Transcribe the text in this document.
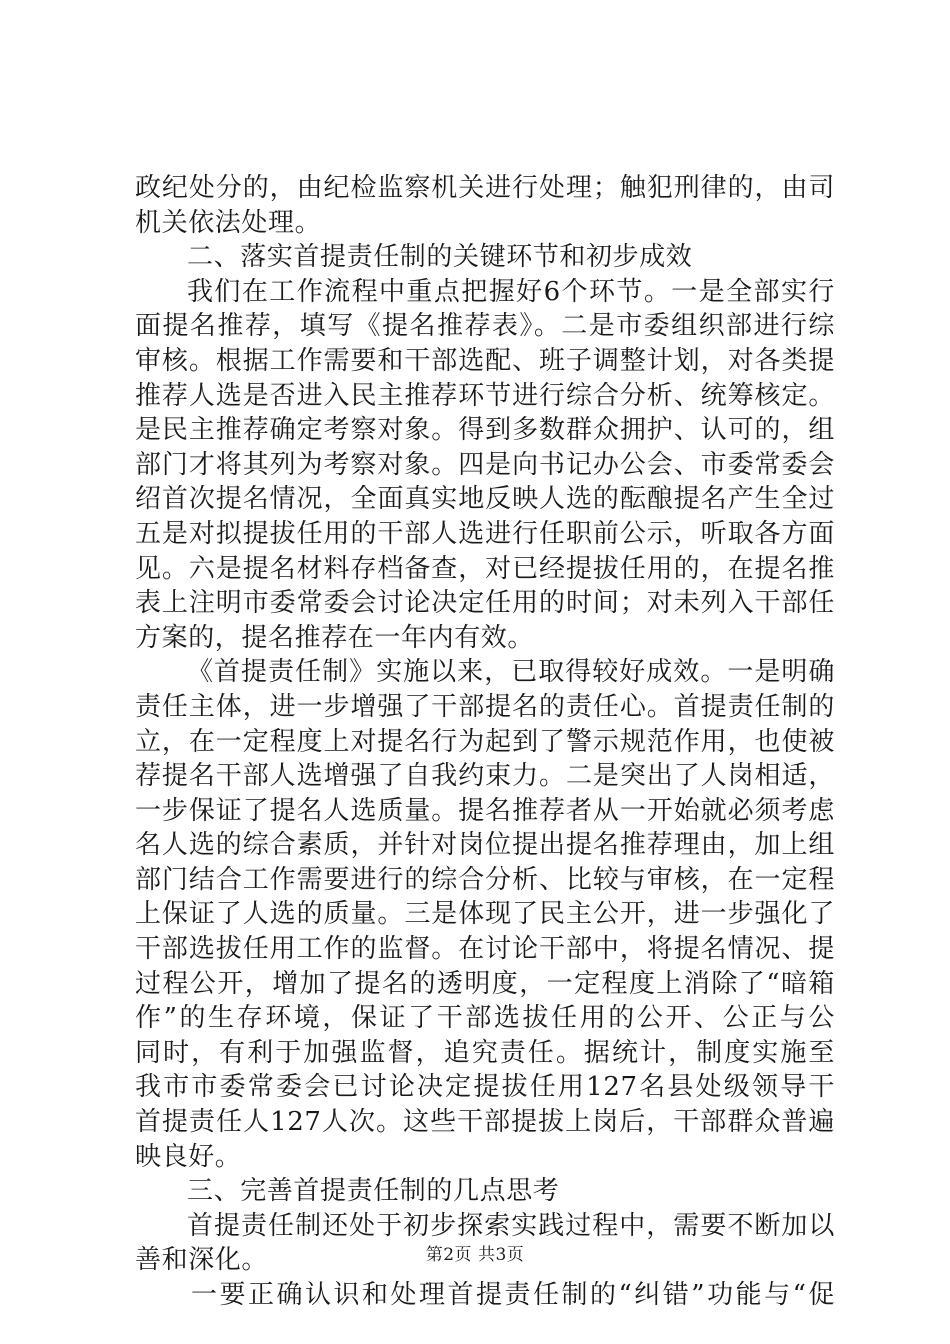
政纪处分的，由纪检监察机关进行处理；触犯刑律的，由司
机关依法处理。
二、落实首提责任制的关键环节和初步成效
我们在工作流程中重点把握好6个环节。一是全部实行
面提名推荐，填写《提名推荐表》。二是市委组织部进行综
审核。根据工作需要和干部选配、班子调整计划，对各类提
推荐人选是否进入民主推荐环节进行综合分析、统筹核定。
是民主推荐确定考察对象。得到多数群众拥护、认可的，组
部门才将其列为考察对象。四是向书记办公会、市委常委会
绍首次提名情况，全面真实地反映人选的酝酿提名产生全过
五是对拟提拔任用的干部人选进行任职前公示，听取各方面
见。六是提名材料存档备查，对已经提拔任用的，在提名推
表上注明市委常委会讨论决定任用的时间；对未列入干部任
方案的，提名推荐在一年内有效。
《首提责任制》实施以来，已取得较好成效。一是明确
责任主体，进一步增强了干部提名的责任心。首提责任制的
立，在一定程度上对提名行为起到了警示规范作用，也使被
荐提名干部人选增强了自我约束力。二是突出了人岗相适，
一步保证了提名人选质量。提名推荐者从一开始就必须考虑
名人选的综合素质，并针对岗位提出提名推荐理由，加上组
部门结合工作需要进行的综合分析、比较与审核，在一定程
上保证了人选的质量。三是体现了民主公开，进一步强化了
干部选拔任用工作的监督。在讨论干部中，将提名情况、提
过程公开，增加了提名的透明度，一定程度上消除了“暗箱
作”的生存环境，保证了干部选拔任用的公开、公正与公
同时，有利于加强监督，追究责任。据统计，制度实施至
我市市委常委会已讨论决定提拔任用127名县处级领导干
首提责任人127人次。这些干部提拔上岗后，干部群众普遍
映良好。
三、完善首提责任制的几点思考
首提责任制还处于初步探索实践过程中，需要不断加以
善和深化。
一要正确认识和处理首提责任制的“纠错”功能与“促
第2页 共3页
